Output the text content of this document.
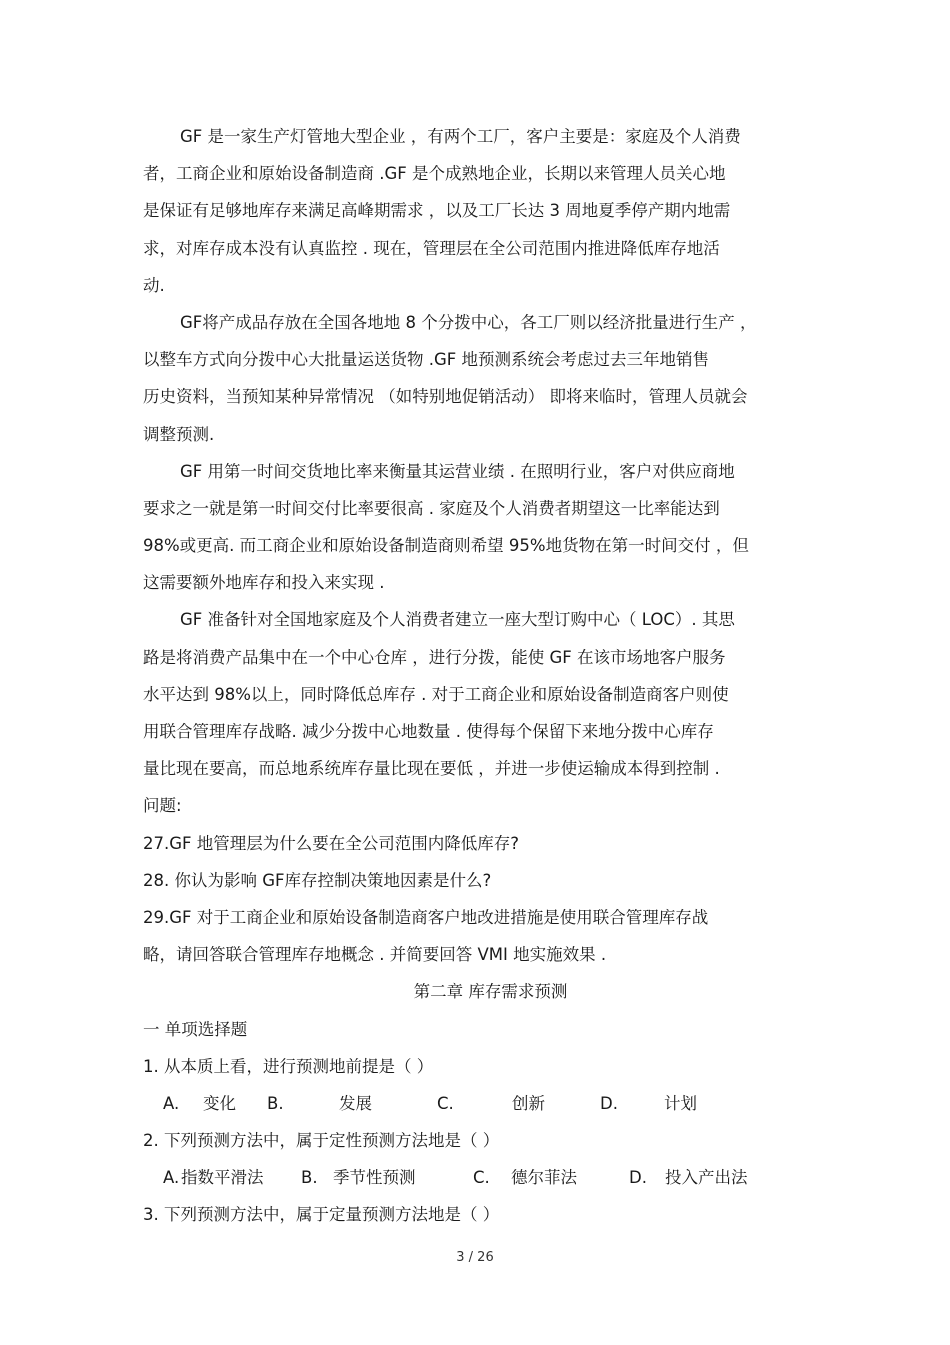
GF 是一家生产灯管地大型企业 ，有两个工厂，客户主要是：家庭及个人消费
者，工商企业和原始设备制造商 .GF 是个成熟地企业，长期以来管理人员关心地
是保证有足够地库存来满足高峰期需求 ，以及工厂长达 3 周地夏季停产期内地需
求，对库存成本没有认真监控 . 现在，管理层在全公司范围内推进降低库存地活
动.
GF将产成品存放在全国各地地 8 个分拨中心，各工厂则以经济批量进行生产 ，
以整车方式向分拨中心大批量运送货物 .GF 地预测系统会考虑过去三年地销售
历史资料，当预知某种异常情况 （如特别地促销活动） 即将来临时，管理人员就会
调整预测.
GF 用第一时间交货地比率来衡量其运营业绩 . 在照明行业，客户对供应商地
要求之一就是第一时间交付比率要很高 . 家庭及个人消费者期望这一比率能达到
98%或更高. 而工商企业和原始设备制造商则希望 95%地货物在第一时间交付 ，但
这需要额外地库存和投入来实现 .
GF 准备针对全国地家庭及个人消费者建立一座大型订购中心（ LOC）. 其思
路是将消费产品集中在一个中心仓库 ，进行分拨，能使 GF 在该市场地客户服务
水平达到 98%以上，同时降低总库存 . 对于工商企业和原始设备制造商客户则使
用联合管理库存战略. 减少分拨中心地数量 . 使得每个保留下来地分拨中心库存
量比现在要高，而总地系统库存量比现在要低 ，并进一步使运输成本得到控制 .
问题:
27.GF 地管理层为什么要在全公司范围内降低库存?
28. 你认为影响 GF库存控制决策地因素是什么?
29.GF 对于工商企业和原始设备制造商客户地改进措施是使用联合管理库存战
略，请回答联合管理库存地概念 . 并简要回答 VMI 地实施效果 .
第二章 库存需求预测
一 单项选择题
1. 从本质上看，进行预测地前提是（ ）
A.	变化	B.	发展	C.	创新	D.	计划
2. 下列预测方法中，属于定性预测方法地是（ ）
A. 指数平滑法	B. 季节性预测	C.	德尔菲法	D.	投入产出法
3. 下列预测方法中，属于定量预测方法地是（ ）
3 / 26
